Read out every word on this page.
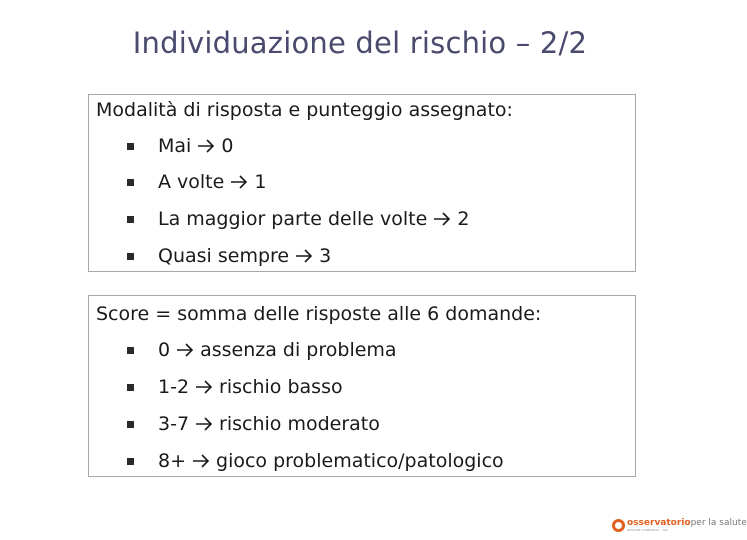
Individuazione del rischio – 2/2
Modalità di risposta e punteggio assegnato:
Mai 0
A volte 1
La maggior parte delle volte 2
Quasi sempre 3
Score = somma delle risposte alle 6 domande:
0 assenza di problema
1-2 rischio basso
3-7 rischio moderato
8+ gioco problematico/patologico
osservatorioper la salute
REGIONE LOMBARDIA · ASL
